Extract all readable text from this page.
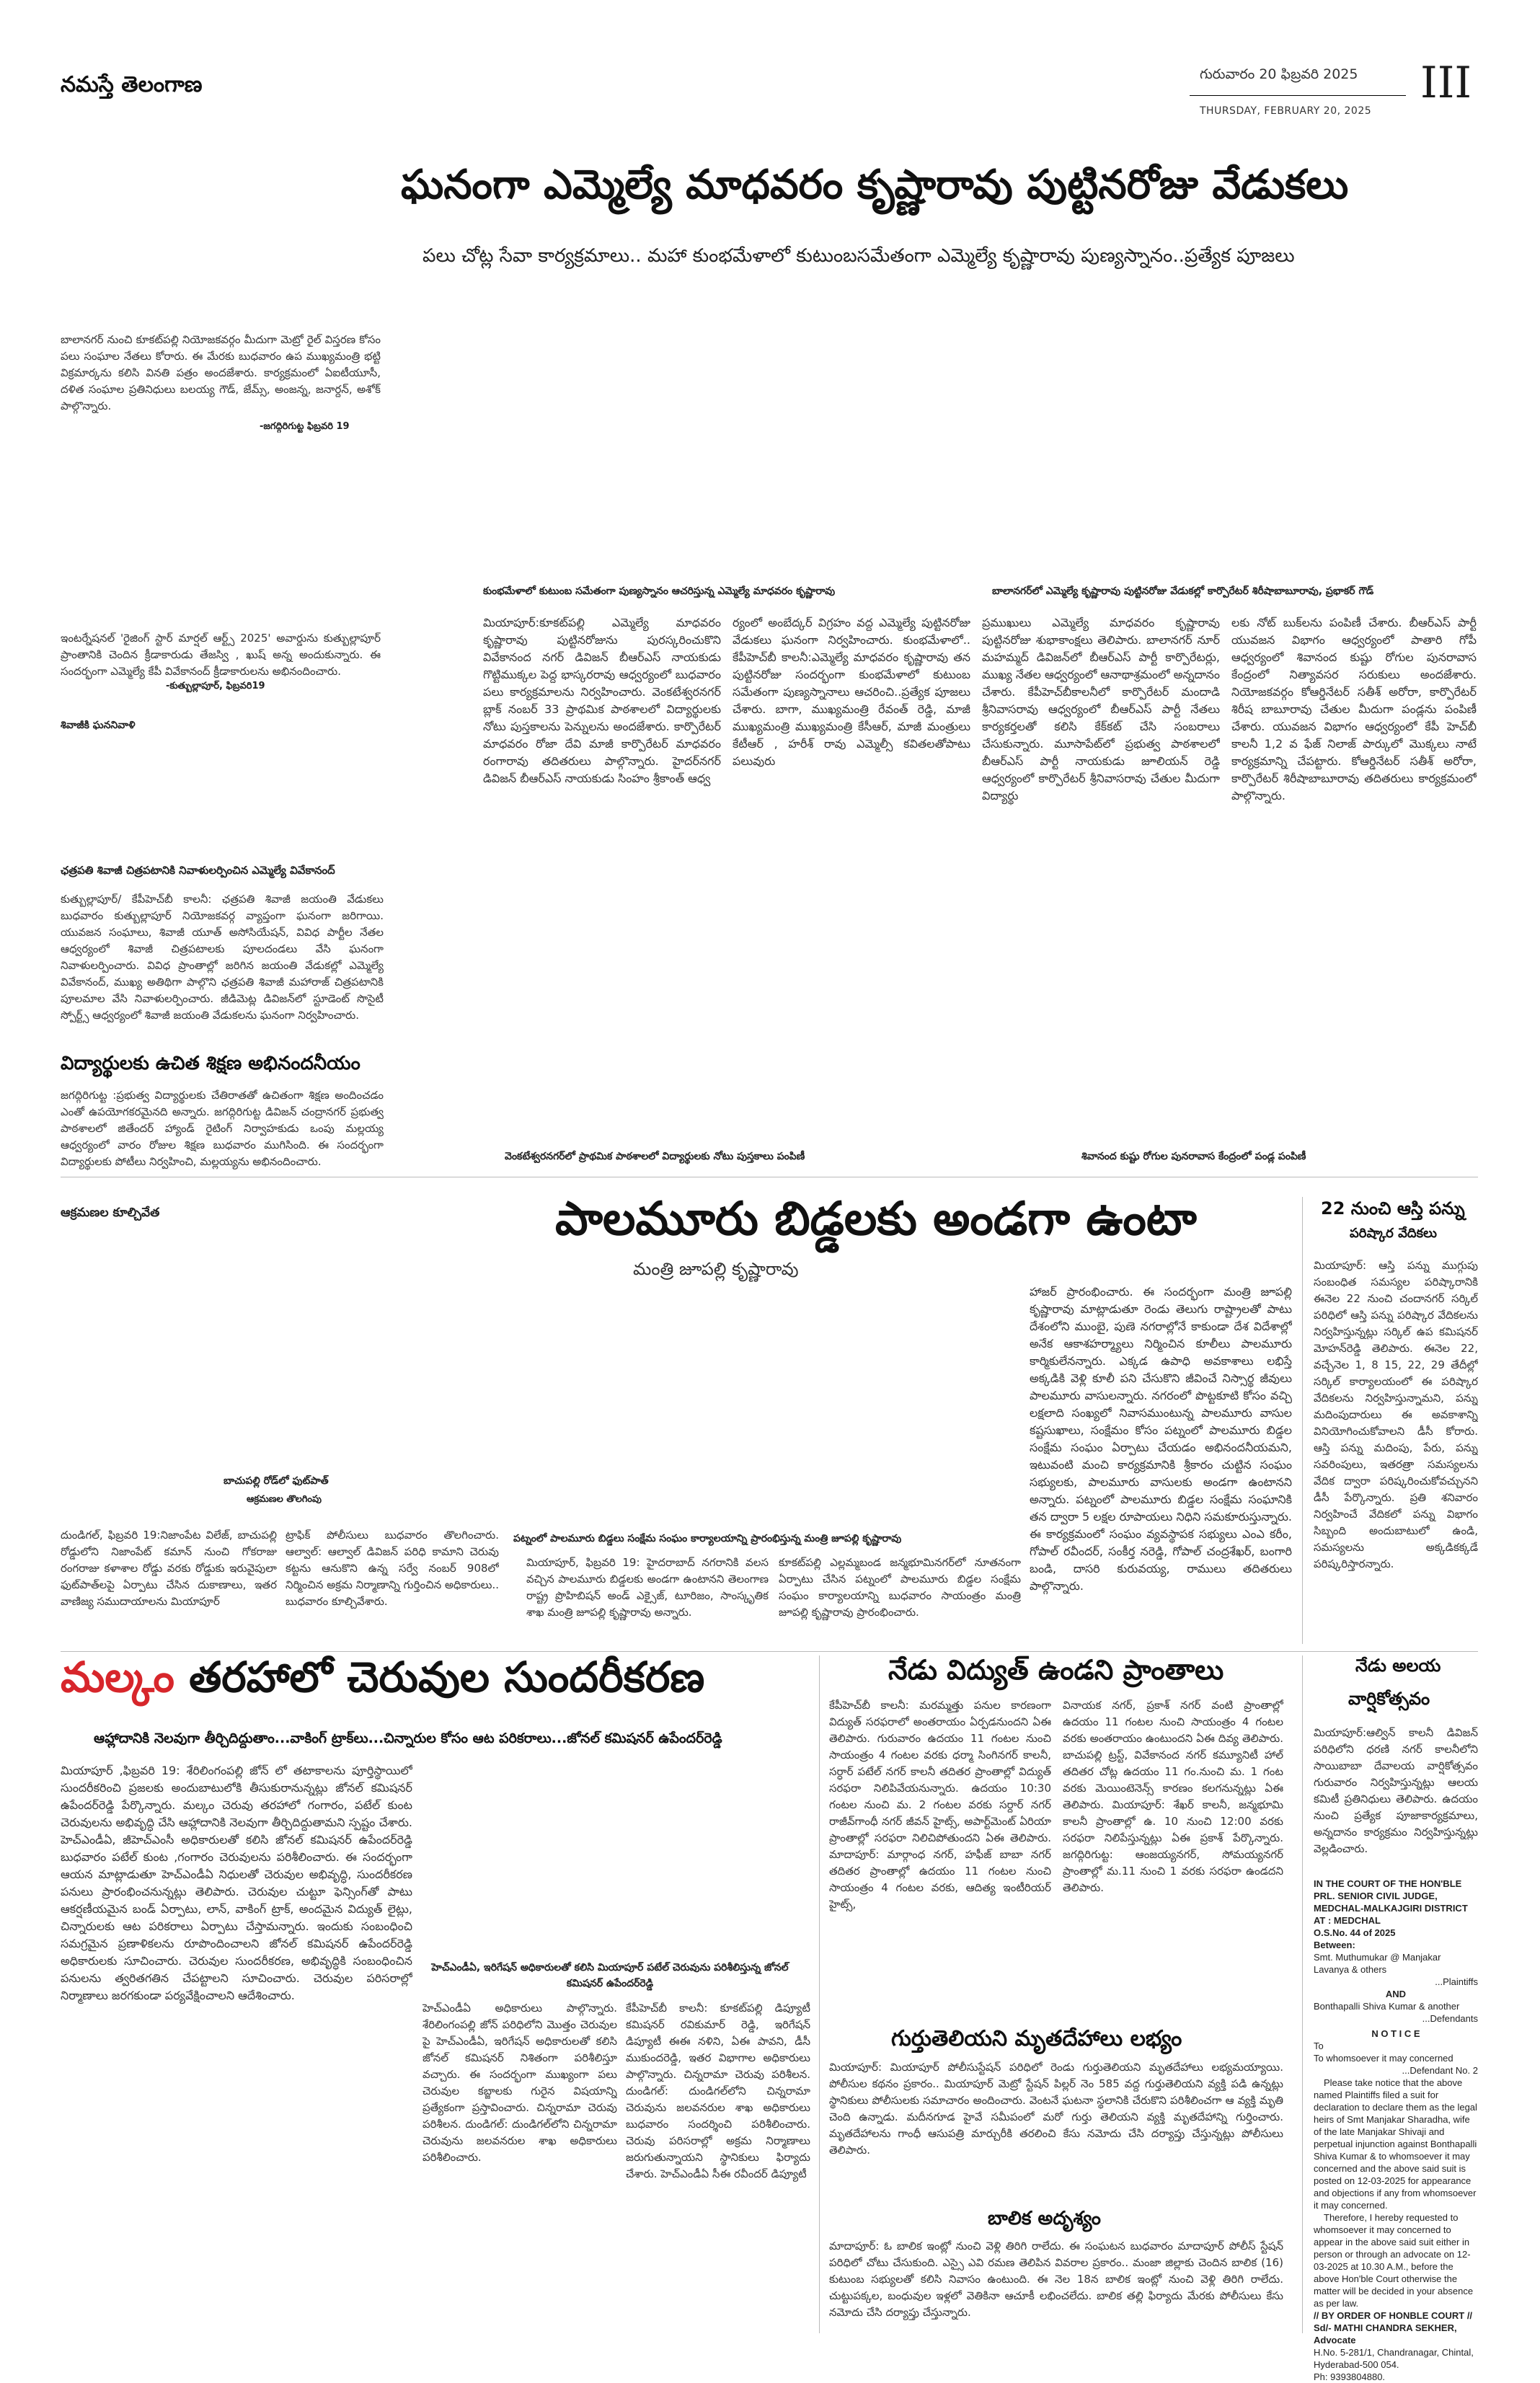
నమస్తే తెలంగాణ	గురువారం 20 ఫిబ్రవరి 2025
THURSDAY, FEBRUARY 20, 2025
III
ఘనంగా ఎమ్మెల్యే మాధవరం కృష్ణారావు పుట్టినరోజు వేడుకలు
పలు చోట్ల సేవా కార్యక్రమాలు.. మహా కుంభమేళాలో కుటుంబసమేతంగా ఎమ్మెల్యే కృష్ణారావు పుణ్యస్నానం..ప్రత్యేక పూజలు
బాలానగర్ నుంచి కూకట్‌పల్లి నియోజకవర్గం మీదుగా మెట్రో రైల్ విస్తరణ కోసం పలు సంఘాల నేతలు కోరారు. ఈ మేరకు బుధవారం ఉప ముఖ్యమంత్రి భట్టి విక్రమార్కను కలిసి వినతి పత్రం అందజేశారు. కార్యక్రమంలో ఏఐటీయూసీ, దళిత సంఘాల ప్రతినిధులు బలయ్య గౌడ్, జేమ్స్, అంజన్న, జనార్దన్, అశోక్ పాల్గొన్నారు.
-జగద్గిరిగుట్ట ఫిబ్రవరి 19
కుంభమేళాలో కుటుంబ సమేతంగా పుణ్యస్నానం ఆచరిస్తున్న ఎమ్మెల్యే మాధవరం కృష్ణారావు	బాలానగర్‌లో ఎమ్మెల్యే కృష్ణారావు పుట్టినరోజు వేడుకల్లో కార్పొరేటర్ శిరీషాబాబూరావు, ప్రభాకర్ గౌడ్
ఇంటర్నేషనల్ 'రైజింగ్ స్టార్ మార్షల్ ఆర్ట్స్ 2025' అవార్డును కుత్బుల్లాపూర్ ప్రాంతానికి చెందిన క్రీడాకారుడు తేజస్వి , ఖుష్ అన్న అందుకున్నారు. ఈ సందర్భంగా ఎమ్మెల్యే కేపీ వివేకానంద్ క్రీడాకారులను అభినందించారు.
-కుత్బుల్లాపూర్, ఫిబ్రవరి19
శివాజీకి ఘననివాళి
మియాపూర్:కూకట్‌పల్లి ఎమ్మెల్యే మాధవరం కృష్ణారావు పుట్టినరోజును పురస్కరించుకొని వివేకానంద నగర్ డివిజన్ బీఆర్ఎస్ నాయకుడు గొట్టిముక్కల పెద్ద భాస్కరరావు ఆధ్వర్యంలో బుధవారం పలు కార్యక్రమాలను నిర్వహించారు. వెంకటేశ్వరనగర్ బ్లాక్ నంబర్ 33 ప్రాథమిక పాఠశాలలో విద్యార్థులకు నోటు పుస్తకాలను పెన్నులను అందజేశారు. కార్పొరేటర్ మాధవరం రోజా దేవి మాజీ కార్పొరేటర్ మాధవరం రంగారావు తదితరులు పాల్గొన్నారు. హైదర్‌నగర్ డివిజన్ బీఆర్ఎస్ నాయకుడు సింహం శ్రీకాంత్ ఆధ్వ
ర్యంలో అంబేద్కర్ విగ్రహం వద్ద ఎమ్మెల్యే పుట్టినరోజు వేడుకలు ఘనంగా నిర్వహించారు. కుంభమేళాలో.. కేపీహెచ్‌బీ కాలనీ:ఎమ్మెల్యే మాధవరం కృష్ణారావు తన పుట్టినరోజు సందర్భంగా కుంభమేళాలో కుటుంబ సమేతంగా పుణ్యస్నానాలు ఆచరించి..ప్రత్యేక పూజలు చేశారు. బాగా, ముఖ్యమంత్రి రేవంత్ రెడ్డి, మాజీ ముఖ్యమంత్రి ముఖ్యమంత్రి కేసీఆర్, మాజీ మంత్రులు కేటీఆర్ , హరీశ్ రావు ఎమ్మెల్సీ కవితలతోపాటు పలువురు
ప్రముఖులు ఎమ్మెల్యే మాధవరం కృష్ణారావు పుట్టినరోజు శుభాకాంక్షలు తెలిపారు. బాలానగర్ నూర్ మహమ్మద్ డివిజన్‌లో బీఆర్ఎస్ పార్టీ కార్పొరేటర్లు, ముఖ్య నేతల ఆధ్వర్యంలో ఆనాథాశ్రమంలో అన్నదానం చేశారు. కేపీహెచ్‌బీకాలనీలో కార్పొరేటర్ మందాడి శ్రీనివాసరావు ఆధ్వర్యంలో బీఆర్ఎస్ పార్టీ నేతలు కార్యకర్తలతో కలిసి కేక్‌కట్ చేసి సంబరాలు చేసుకున్నారు. మూసాపేట్‌లో ప్రభుత్వ పాఠశాలలో బీఆర్ఎస్ పార్టీ నాయకుడు జూలియన్ రెడ్డి ఆధ్వర్యంలో కార్పొరేటర్ శ్రీనివాసరావు చేతుల మీదుగా విద్యార్థు
లకు నోట్ బుక్‌లను పంపిణీ చేశారు. బీఆర్ఎస్ పార్టీ యువజన విభాగం ఆధ్వర్యంలో పాతారి గోపీ ఆధ్వర్యంలో శివానంద కుష్టు రోగుల పునరావాస కేంద్రంలో నిత్యావసర సరుకులు అందజేశారు. నియోజకవర్గం కోఆర్డినేటర్ సతీశ్ అరోరా, కార్పొరేటర్ శిరీష బాబూరావు చేతుల మీదుగా పండ్లను పంపిణీ చేశారు. యువజన విభాగం ఆధ్వర్యంలో కేపీ హెచ్‌బీ కాలనీ 1,2 వ ఫేజ్ నిలాజ్ పార్కులో మొక్కలు నాటే కార్యక్రమాన్ని చేపట్టారు. కోఆర్డినేటర్ సతీశ్ అరోరా, కార్పొరేటర్ శిరీషాబాబూరావు తదితరులు కార్యక్రమంలో పాల్గొన్నారు.
ఛత్రపతి శివాజీ చిత్రపటానికి నివాళులర్పించిన ఎమ్మెల్యే వివేకానంద్
కుత్బుల్లాపూర్/ కేపీహెచ్‌బీ కాలనీ: ఛత్రపతి శివాజీ జయంతి వేడుకలు బుధవారం కుత్బుల్లాపూర్ నియోజకవర్గ వ్యాప్తంగా ఘనంగా జరిగాయి. యువజన సంఘాలు, శివాజీ యూత్ అసోసియేషన్, వివిధ పార్టీల నేతల ఆధ్వర్యంలో శివాజీ చిత్రపటాలకు పూలదండలు వేసి ఘనంగా నివాళులర్పించారు. వివిధ ప్రాంతాల్లో జరిగిన జయంతి వేడుకల్లో ఎమ్మెల్యే వివేకానంద్, ముఖ్య అతిథిగా పాల్గొని ఛత్రపతి శివాజీ మహారాజ్ చిత్రపటానికి పూలమాల వేసి నివాళులర్పించారు. జీడిమెట్ల డివిజన్‌లో స్టూడెంట్ సొసైటీ స్పోర్ట్స్ ఆధ్వర్యంలో శివాజీ జయంతి వేడుకలను ఘనంగా నిర్వహించారు.
విద్యార్థులకు ఉచిత శిక్షణ అభినందనీయం
జగద్గిరిగుట్ట :ప్రభుత్వ విద్యార్థులకు చేతిరాతతో ఉచితంగా శిక్షణ అందించడం ఎంతో ఉపయోగకరమైనది అన్నారు. జగద్గిరిగుట్ట డివిజన్ చంద్రానగర్ ప్రభుత్వ పాఠశాలలో జితేందర్ హ్యాండ్ రైటింగ్ నిర్వాహకుడు ఒంపు మల్లయ్య ఆధ్వర్యంలో వారం రోజుల శిక్షణ బుధవారం ముగిసింది. ఈ సందర్భంగా విద్యార్థులకు పోటీలు నిర్వహించి, మల్లయ్యను అభినందించారు.	వెంకటేశ్వరనగర్‌లో ప్రాథమిక పాఠశాలలో విద్యార్థులకు నోటు పుస్తకాలు పంపిణీ	శివానంద కుష్టు రోగుల పునరావాస కేంద్రంలో పండ్ల పంపిణీ
ఆక్రమణల కూల్చివేత	పాలమూరు బిడ్డలకు అండగా ఉంటా
మంత్రి జూపల్లి కృష్ణారావు
హాజర్ ప్రారంభించారు. ఈ సందర్భంగా మంత్రి జూపల్లి కృష్ణారావు మాట్లాడుతూ రెండు తెలుగు రాష్ట్రాలతో పాటు దేశంలోని ముంబై, పుణె నగరాల్లోనే కాకుండా దేశ విదేశాల్లో అనేక ఆకాశహర్మ్యాలు నిర్మించిన కూలీలు పాలమూరు కార్మికులేనన్నారు. ఎక్కడ ఉపాధి అవకాశాలు లభిస్తే అక్కడికి వెళ్లి కూలీ పని చేసుకొని జీవించే నిస్సార్థ జీవులు పాలమూరు వాసులన్నారు. నగరంలో పొట్టకూటి కోసం వచ్చి లక్షలాది సంఖ్యలో నివాసముంటున్న పాలమూరు వాసుల కష్టసుఖాలు, సంక్షేమం కోసం పట్నంలో పాలమూరు బిడ్డల సంక్షేమ సంఘం ఏర్పాటు చేయడం అభినందనీయమని, ఇటువంటి మంచి కార్యక్రమానికి శ్రీకారం చుట్టిన సంఘం సభ్యులకు, పాలమూరు వాసులకు అండగా ఉంటానని అన్నారు. పట్నంలో పాలమూరు బిడ్డల సంక్షేమ సంఘానికి తన ద్వారా 5 లక్షల రూపాయలు నిధిని సమకూరుస్తున్నారు. ఈ కార్యక్రమంలో సంఘం వ్యవస్థాపక సభ్యులు ఎంఎ కరీం, గోపాల్ రవీందర్, సంకీర్త నరెడ్డి, గోపాల్ చంద్రశేఖర్, బంగారి బండి, దాసరి కురువయ్య, రాములు తదితరులు పాల్గొన్నారు.
బాచుపల్లి రోడ్‌లో ఫుట్‌పాత్
ఆక్రమణల తొలగింపు
పట్నంలో పాలమూరు బిడ్డలు సంక్షేమ సంఘం కార్యాలయాన్ని ప్రారంభిస్తున్న మంత్రి జూపల్లి కృష్ణారావు
దుండిగల్, ఫిబ్రవరి 19:నిజాంపేట విలేజ్, బాచుపల్లి రోడ్డులోని నిజాంపేట్ కమాన్ నుంచి గోకరాజు రంగరాజు కళాశాల రోడ్డు వరకు రోడ్డుకు ఇరువైపులా ఫుట్‌పాత్‌లపై ఏర్పాటు చేసిన దుకాణాలు, ఇతర వాణిజ్య సముదాయాలను మియాపూర్
ట్రాఫిక్ పోలీసులు బుధవారం తొలగించారు. ఆల్వాల్: ఆల్వాల్ డివిజన్ పరిధి కామాని చెరువు కట్టను ఆనుకొని ఉన్న సర్వే నంబర్ 908లో నిర్మించిన అక్రమ నిర్మాణాన్ని గుర్తించిన అధికారులు.. బుధవారం కూల్చివేశారు.
మియాపూర్, ఫిబ్రవరి 19: హైదరాబాద్ నగరానికి వలస వచ్చిన పాలమూరు బిడ్డలకు అండగా ఉంటానని తెలంగాణ రాష్ట్ర ప్రొహిబిషన్ అండ్ ఎక్సైజ్, టూరిజం, సాంస్కృతిక శాఖ మంత్రి జూపల్లి కృష్ణారావు అన్నారు.
కూకట్‌పల్లి ఎల్లమ్మబండ జన్మభూమినగర్‌లో నూతనంగా ఏర్పాటు చేసిన పట్నంలో పాలమూరు బిడ్డల సంక్షేమ సంఘం కార్యాలయాన్ని బుధవారం సాయంత్రం మంత్రి జూపల్లి కృష్ణారావు ప్రారంభించారు.
22 నుంచి ఆస్తి పన్ను
పరిష్కార వేదికలు
మియాపూర్: ఆస్తి పన్ను ముగ్గుపు సంబంధిత సమస్యల పరిష్కారానికి ఈనెల 22 నుంచి చందానగర్ సర్కిల్ పరిధిలో ఆస్తి పన్ను పరిష్కార వేదికలను నిర్వహిస్తున్నట్లు సర్కిల్ ఉప కమిషనర్ మోహన్‌రెడ్డి తెలిపారు. ఈనెల 22, వచ్చేనెల 1, 8 15, 22, 29 తేదీల్లో సర్కిల్ కార్యాలయంలో ఈ పరిష్కార వేదికలను నిర్వహిస్తున్నామని, పన్ను మదింపుదారులు ఈ అవకాశాన్ని వినియోగించుకోవాలని డీసీ కోరారు. ఆస్తి పన్ను మదింపు, పేరు, పన్ను సవరింపులు, ఇతరత్రా సమస్యలను వేదిక ద్వారా పరిష్కరించుకోవచ్చునని డీసీ పేర్కొన్నారు. ప్రతి శనివారం నిర్వహించే వేదికలో పన్ను విభాగం సిబ్బంది అందుబాటులో ఉండి, సమస్యలను అక్కడికక్కడే పరిష్కరిస్తారన్నారు.
మల్కం తరహాలో చెరువుల సుందరీకరణ
ఆహ్లాదానికి నెలవుగా తీర్చిదిద్దుతాం...వాకింగ్ ట్రాక్‌లు...చిన్నారుల కోసం ఆట పరికరాలు...జోనల్ కమిషనర్ ఉపేందర్‌రెడ్డి
మియాపూర్ ,ఫిబ్రవరి 19: శేరిలింగంపల్లి జోన్ లో తటాకాలను పూర్తిస్థాయిలో సుందరీకరించి ప్రజలకు అందుబాటులోకి తీసుకురానున్నట్లు జోనల్ కమిషనర్ ఉపేందర్‌రెడ్డి పేర్కొన్నారు. మల్కం చెరువు తరహాలో గంగారం, పటేల్ కుంట చెరువులను అభివృద్ధి చేసి ఆహ్లాదానికి నెలవుగా తీర్చిదిద్దుతామని స్పష్టం చేశారు. హెచ్ఎండీఏ, జీహెచ్ఎంసీ అధికారులతో కలిసి జోనల్ కమిషనర్ ఉపేందర్‌రెడ్డి బుధవారం పటేల్ కుంట ,గంగారం చెరువులను పరిశీలించారు. ఈ సందర్భంగా ఆయన మాట్లాడుతూ హెచ్ఎండీఏ నిధులతో చెరువుల అభివృద్ధి, సుందరీకరణ పనులు ప్రారంభించనున్నట్లు తెలిపారు. చెరువుల చుట్టూ ఫెన్సింగ్‌తో పాటు ఆకర్షణీయమైన బండ్ ఏర్పాటు, లాన్, వాకింగ్ ట్రాక్, అందమైన విద్యుత్ లైట్లు, చిన్నారులకు ఆట పరికరాలు ఏర్పాటు చేస్తామన్నారు. ఇందుకు సంబంధించి సమగ్రమైన ప్రణాళికలను రూపొందించాలని జోనల్ కమిషనర్ ఉపేందర్‌రెడ్డి అధికారులకు సూచించారు. చెరువుల సుందరీకరణ, అభివృద్ధికి సంబంధించిన పనులను త్వరితగతిన చేపట్టాలని సూచించారు. చెరువుల పరిసరాల్లో నిర్మాణాలు జరగకుండా పర్యవేక్షించాలని ఆదేశించారు.
హెచ్ఎండీఏ, ఇరిగేషన్ అధికారులతో కలిసి మియాపూర్ పటేల్ చెరువును పరిశీలిస్తున్న జోనల్ కమిషనర్ ఉపేందర్‌రెడ్డి
హెచ్ఎండీఏ అధికారులు పాల్గొన్నారు. శేరిలింగంపల్లి జోన్ పరిధిలోని మొత్తం చెరువుల పై హెచ్ఎండీఏ, ఇరిగేషన్ అధికారులతో కలిసి జోనల్ కమిషనర్ నిశితంగా పరిశీలిస్తూ వచ్చారు. ఈ సందర్భంగా ముఖ్యంగా పలు చెరువుల కబ్జాలకు గురైన విషయాన్ని ప్రత్యేకంగా ప్రస్తావించారు. చిన్నరామా చెరువు పరిశీలన. దుండిగల్: దుండిగల్‌లోని చిన్నరామా చెరువును జలవనరుల శాఖ అధికారులు పరిశీలించారు.
కేపీహెచ్‌బీ కాలనీ: కూకట్‌పల్లి డిప్యూటీ కమిషనర్ రవికుమార్ రెడ్డి, ఇరిగేషన్ డిప్యూటీ ఈఈ నళిని, ఏఈ పావని, డీసీ ముకుందరెడ్డి, ఇతర విభాగాల అధికారులు పాల్గొన్నారు. చిన్నరామా చెరువు పరిశీలన. దుండిగల్: దుండిగల్‌లోని చిన్నరామా చెరువును జలవనరుల శాఖ అధికారులు బుధవారం సందర్శించి పరిశీలించారు. చెరువు పరిసరాల్లో అక్రమ నిర్మాణాలు జరుగుతున్నాయని స్థానికులు ఫిర్యాదు చేశారు. హెచ్ఎండీఏ సీఈ రవీందర్ డిప్యూటీ
నేడు విద్యుత్ ఉండని ప్రాంతాలు
కేపీహెచ్‌బీ కాలనీ: మరమ్మత్తు పనుల కారణంగా విద్యుత్ సరఫరాలో అంతరాయం ఏర్పడనుందని ఏఈ తెలిపారు. గురువారం ఉదయం 11 గంటల నుంచి సాయంత్రం 4 గంటల వరకు ధర్మా సింగినగర్ కాలనీ, సర్ధార్ పటేల్ నగర్ కాలనీ తదితర ప్రాంతాల్లో విద్యుత్ సరఫరా నిలిపివేయనున్నారు. ఉదయం 10:30 గంటల నుంచి మ. 2 గంటల వరకు సర్దార్ నగర్ రాజీవ్‌గాంధీ నగర్ జీవన్ హైట్స్, అపార్ట్‌మెంట్ ఏరియా ప్రాంతాల్లో సరఫరా నిలిచిపోతుందని ఏఈ తెలిపారు. మాదాపూర్: మార్గాంధ నగర్, హఫీజ్ బాబా నగర్ తదితర ప్రాంతాల్లో ఉదయం 11 గంటల నుంచి సాయంత్రం 4 గంటల వరకు, ఆదిత్య ఇంటీరియర్ హైట్స్,
వినాయక నగర్, ప్రకాశ్ నగర్ వంటి ప్రాంతాల్లో ఉదయం 11 గంటల నుంచి సాయంత్రం 4 గంటల వరకు అంతరాయం ఉంటుందని ఏఈ దివ్య తెలిపారు. బాచుపల్లి ట్రస్ట్, వివేకానంద నగర్ కమ్యూనిటీ హాల్ తదితర చోట్ల ఉదయం 11 గం.నుంచి మ. 1 గంట వరకు మెయింటెనెన్స్ కారణం కలగనున్నట్లు ఏఈ తెలిపారు. మియాపూర్: శేఖర్ కాలనీ, జన్మభూమి కాలనీ ప్రాంతాల్లో ఉ. 10 నుంచి 12:00 వరకు సరఫరా నిలిపేస్తున్నట్లు ఏఈ ప్రకాశ్ పేర్కొన్నారు. జగద్గిరిగుట్ట: ఆంజయ్యనగర్, సోమయ్యనగర్ ప్రాంతాల్లో మ.11 నుంచి 1 వరకు సరఫరా ఉండదని తెలిపారు.
గుర్తుతెలియని మృతదేహాలు లభ్యం
మియాపూర్: మియాపూర్ పోలీసుస్టేషన్ పరిధిలో రెండు గుర్తుతెలియని మృతదేహాలు లభ్యమయ్యాయి. పోలీసుల కథనం ప్రకారం.. మియాపూర్ మెట్రో స్టేషన్ పిల్లర్ నెం 585 వద్ద గుర్తుతెలియని వ్యక్తి పడి ఉన్నట్లు స్థానికులు పోలీసులకు సమాచారం అందించారు. వెంటనే ఘటనా స్థలానికి చేరుకొని పరిశీలించగా ఆ వ్యక్తి మృతి చెంది ఉన్నాడు. మదీనగూడ హైవే సమీపంలో మరో గుర్తు తెలియని వ్యక్తి మృతదేహాన్ని గుర్తించారు. మృతదేహాలను గాంధీ ఆసుపత్రి మార్చురీకి తరలించి కేసు నమోదు చేసి దర్యాప్తు చేస్తున్నట్లు పోలీసులు తెలిపారు.
బాలిక అదృశ్యం
మాదాపూర్: ఓ బాలిక ఇంట్లో నుంచి వెళ్లి తిరిగి రాలేదు. ఈ సంఘటన బుధవారం మాదాపూర్ పోలీస్ స్టేషన్ పరిధిలో చోటు చేసుకుంది. ఎస్సై ఎవి రమణ తెలిపిన వివరాల ప్రకారం.. మంజా జిల్లాకు చెందిన బాలిక (16) కుటుంబ సభ్యులతో కలిసి నివాసం ఉంటుంది. ఈ నెల 18న బాలిక ఇంట్లో నుంచి వెళ్లి తిరిగి రాలేదు. చుట్టుపక్కల, బంధువుల ఇళ్లలో వెతికినా ఆచూకీ లభించలేదు. బాలిక తల్లి ఫిర్యాదు మేరకు పోలీసులు కేసు నమోదు చేసి దర్యాప్తు చేస్తున్నారు.
నేడు అలయ
వార్షికోత్సవం
మియాపూర్:ఆల్విన్ కాలనీ డివిజన్ పరిధిలోని ధరణి నగర్ కాలనీలోని సాయిబాబా దేవాలయ వార్షికోత్సవం గురువారం నిర్వహిస్తున్నట్లు ఆలయ కమిటీ ప్రతినిధులు తెలిపారు. ఉదయం నుంచి ప్రత్యేక పూజాకార్యక్రమాలు, అన్నదానం కార్యక్రమం నిర్వహిస్తున్నట్లు వెల్లడించారు.
IN THE COURT OF THE HON'BLE PRL. SENIOR CIVIL JUDGE, MEDCHAL-MALKAJGIRI DISTRICT AT : MEDCHAL
O.S.No. 44 of 2025
Between:
Smt. Muthumukar @ Manjakar Lavanya & others
...Plaintiffs
AND
Bonthapalli Shiva Kumar & another
...Defendants
N O T I C E
To
To whomsoever it may concerned
...Defendant No. 2
Please take notice that the above named Plaintiffs filed a suit for declaration to declare them as the legal heirs of Smt Manjakar Sharadha, wife of the late Manjakar Shivaji and perpetual injunction against Bonthapalli Shiva Kumar & to whomsoever it may concerned and the above said suit is posted on 12-03-2025 for appearance and objections if any from whomsoever it may concerned.
Therefore, I hereby requested to whomsoever it may concerned to appear in the above said suit either in person or through an advocate on 12-03-2025 at 10.30 A.M., before the above Hon'ble Court otherwise the matter will be decided in your absence as per law.
// BY ORDER OF HONBLE COURT //
Sd/- MATHI CHANDRA SEKHER, Advocate
H.No. 5-281/1, Chandranagar, Chintal, Hyderabad-500 054.
Ph: 9393804880.
